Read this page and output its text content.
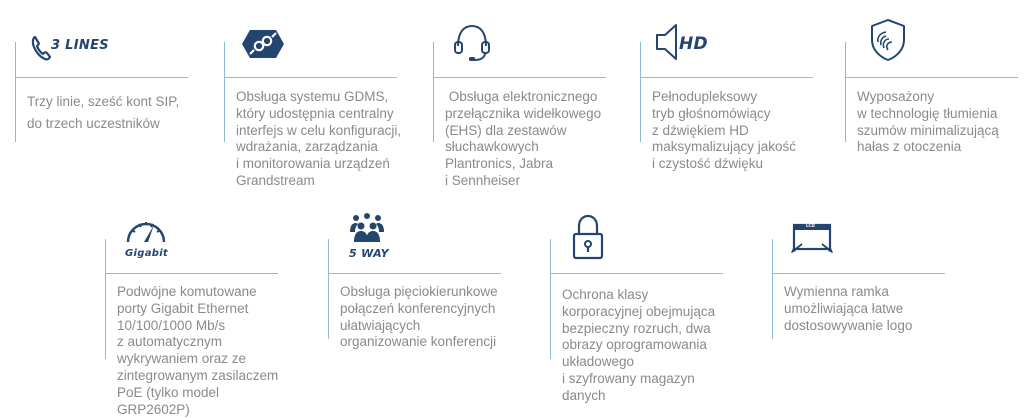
3 LINES
Trzy linie, sześć kont SIP,
do trzech uczestników
Obsługa systemu GDMS,
który udostępnia centralny
interfejs w celu konfiguracji,
wdrażania, zarządzania
i monitorowania urządzeń
Grandstream
Obsługa elektronicznego
przełącznika widełkowego
(EHS) dla zestawów
słuchawkowych
Plantronics, Jabra
i Sennheiser
HD
Pełnodupleksowy
tryb głośnomówiący
z dźwiękiem HD
maksymalizujący jakość
i czystość dźwięku
Wyposażony
w technologię tłumienia
szumów minimalizującą
hałas z otoczenia
Gigabit
Podwójne komutowane
porty Gigabit Ethernet
10/100/1000 Mb/s
z automatycznym
wykrywaniem oraz ze
zintegrowanym zasilaczem
PoE (tylko model
GRP2602P)
5 WAY
Obsługa pięciokierunkowe
połączeń konferencyjnych
ułatwiających
organizowanie konferencji
Ochrona klasy
korporacyjnej obejmująca
bezpieczny rozruch, dwa
obrazy oprogramowania
układowego
i szyfrowany magazyn
danych
LCD
Wymienna ramka
umożliwiająca łatwe
dostosowywanie logo
